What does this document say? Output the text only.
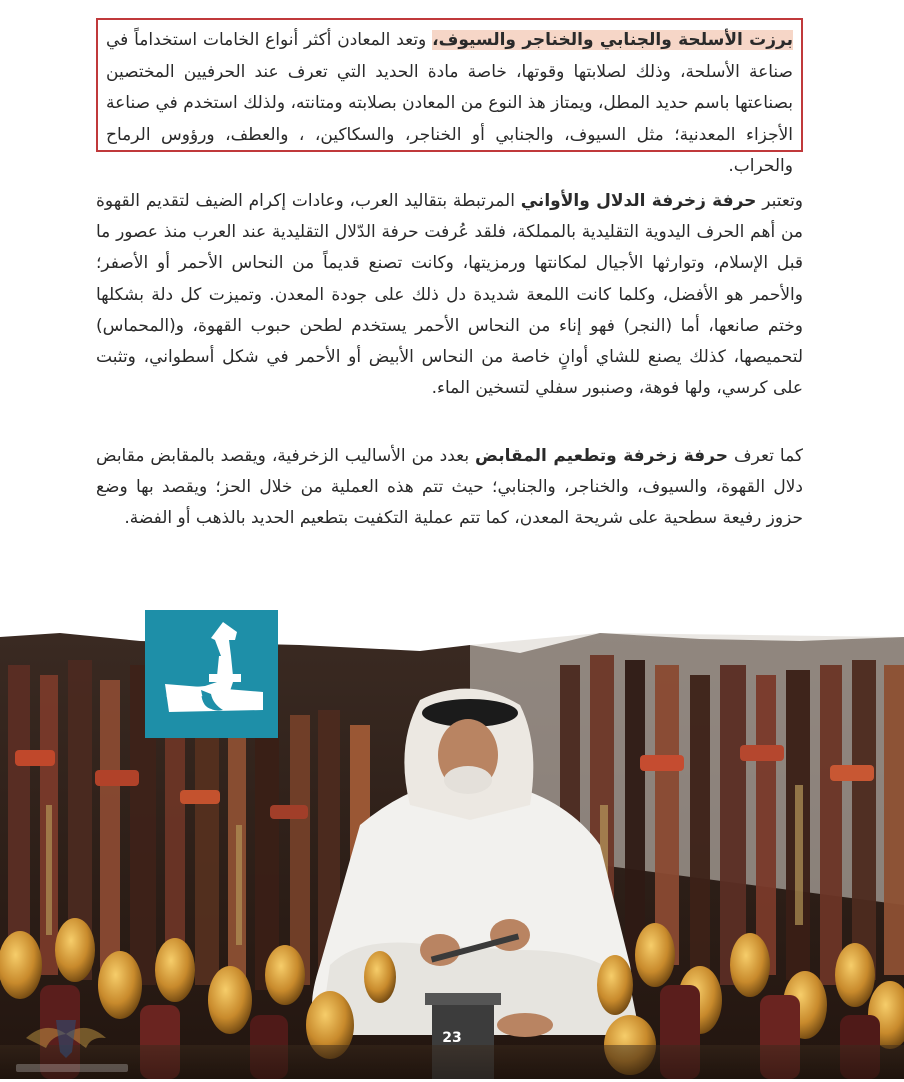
برزت الأسلحة والجنابي والخناجر والسيوف، وتعد المعادن أكثر أنواع الخامات استخداماً في صناعة الأسلحة، وذلك لصلابتها وقوتها، خاصة مادة الحديد التي تعرف عند الحرفيين المختصين بصناعتها باسم حديد المطل، ويمتاز هذ النوع من المعادن بصلابته ومتانته، ولذلك استخدم في صناعة الأجزاء المعدنية؛ مثل السيوف، والجنابي أو الخناجر، والسكاكين، ، والعطف، ورؤوس الرماح والحراب.

وتعتبر حرفة زخرفة الدلال والأواني المرتبطة بتقاليد العرب، وعادات إكرام الضيف لتقديم القهوة من أهم الحرف اليدوية التقليدية بالمملكة، فلقد عُرفت حرفة الدّلال التقليدية عند العرب منذ عصور ما قبل الإسلام، وتوارثها الأجيال لمكانتها ورمزيتها، وكانت تصنع قديماً من النحاس الأحمر أو الأصفر؛ والأحمر هو الأفضل، وكلما كانت اللمعة شديدة دل ذلك على جودة المعدن. وتميزت كل دلة بشكلها وختم صانعها، أما (النجر) فهو إناء من النحاس الأحمر يستخدم لطحن حبوب القهوة، و(المحماس) لتحميصها، كذلك يصنع للشاي أوانٍ خاصة من النحاس الأبيض أو الأحمر في شكل أسطواني، وتثبت على كرسي، ولها فوهة، وصنبور سفلي لتسخين الماء.

كما تعرف حرفة زخرفة وتطعيم المقابض بعدد من الأساليب الزخرفية، ويقصد بالمقابض مقابض دلال القهوة، والسيوف، والخناجر، والجنابي؛ حيث تتم هذه العملية من خلال الحز؛ ويقصد بها وضع حزوز رفيعة سطحية على شريحة المعدن، كما تتم عملية التكفيت بتطعيم الحديد بالذهب أو الفضة.

23
